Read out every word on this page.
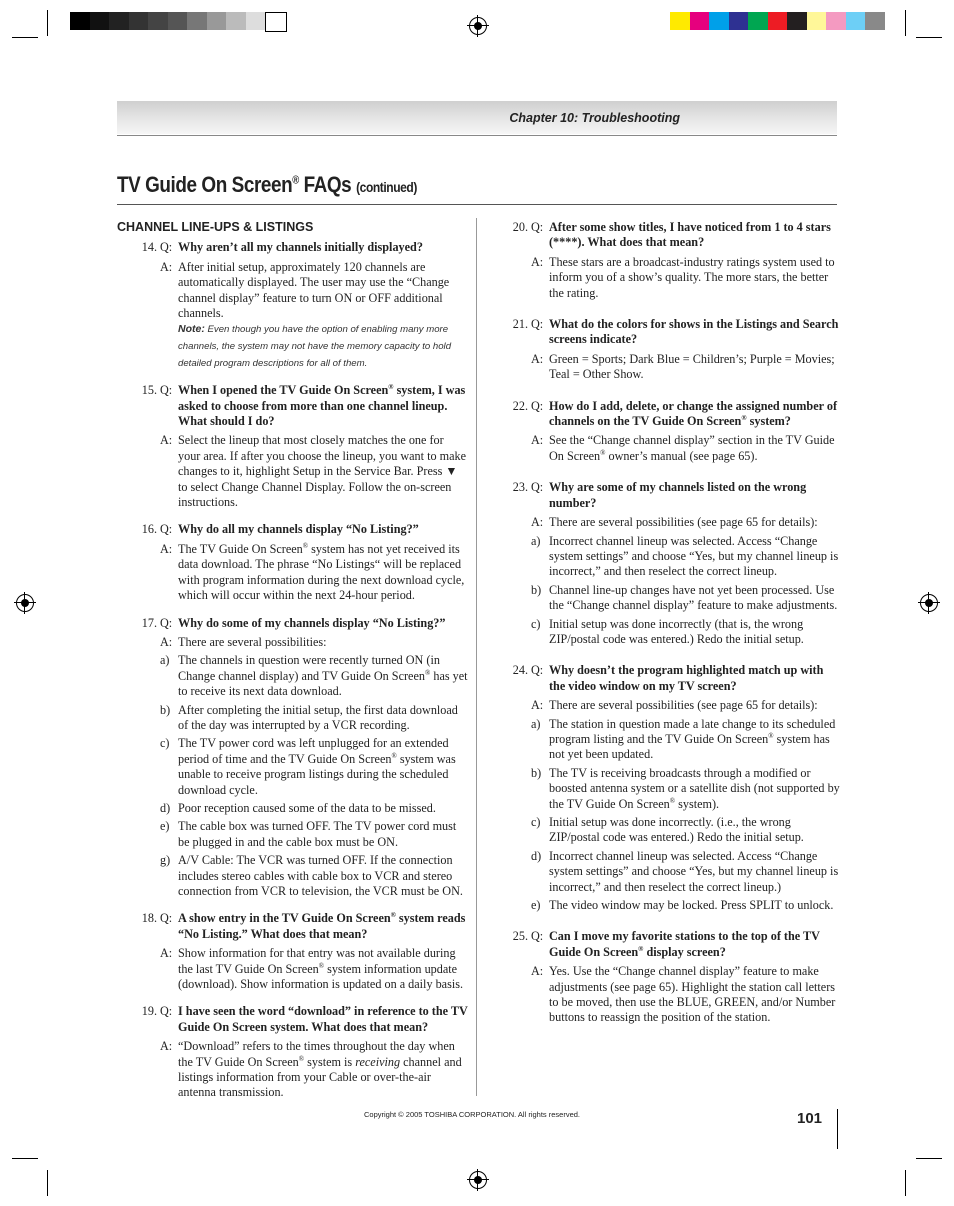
Chapter 10: Troubleshooting
TV Guide On Screen® FAQs (continued)
CHANNEL LINE-UPS & LISTINGS
14. Q: Why aren’t all my channels initially displayed?
A: After initial setup, approximately 120 channels are automatically displayed. The user may use the “Change channel display” feature to turn ON or OFF additional channels.
Note: Even though you have the option of enabling many more channels, the system may not have the memory capacity to hold detailed program descriptions for all of them.
15. Q: When I opened the TV Guide On Screen® system, I was asked to choose from more than one channel lineup. What should I do?
A: Select the lineup that most closely matches the one for your area. If after you choose the lineup, you want to make changes to it, highlight Setup in the Service Bar. Press ▼ to select Change Channel Display. Follow the on-screen instructions.
16. Q: Why do all my channels display “No Listing?”
A: The TV Guide On Screen® system has not yet received its data download. The phrase “No Listings“ will be replaced with program information during the next download cycle, which will occur within the next 24-hour period.
17. Q: Why do some of my channels display “No Listing?”
A: There are several possibilities:
a) The channels in question were recently turned ON (in Change channel display) and TV Guide On Screen® has yet to receive its next data download.
b) After completing the initial setup, the first data download of the day was interrupted by a VCR recording.
c) The TV power cord was left unplugged for an extended period of time and the TV Guide On Screen® system was unable to receive program listings during the scheduled download cycle.
d) Poor reception caused some of the data to be missed.
e) The cable box was turned OFF. The TV power cord must be plugged in and the cable box must be ON.
g) A/V Cable: The VCR was turned OFF. If the connection includes stereo cables with cable box to VCR and stereo connection from VCR to television, the VCR must be ON.
18. Q: A show entry in the TV Guide On Screen® system reads “No Listing.” What does that mean?
A: Show information for that entry was not available during the last TV Guide On Screen® system information update (download). Show information is updated on a daily basis.
19. Q: I have seen the word “download” in reference to the TV Guide On Screen system. What does that mean?
A: “Download” refers to the times throughout the day when the TV Guide On Screen® system is receiving channel and listings information from your Cable or over-the-air antenna transmission.
20. Q: After some show titles, I have noticed from 1 to 4 stars (****). What does that mean?
A: These stars are a broadcast-industry ratings system used to inform you of a show’s quality. The more stars, the better the rating.
21. Q: What do the colors for shows in the Listings and Search screens indicate?
A: Green = Sports; Dark Blue = Children’s; Purple = Movies; Teal = Other Show.
22. Q: How do I add, delete, or change the assigned number of channels on the TV Guide On Screen® system?
A: See the “Change channel display” section in the TV Guide On Screen® owner’s manual (see page 65).
23. Q: Why are some of my channels listed on the wrong number?
A: There are several possibilities (see page 65 for details):
a) Incorrect channel lineup was selected. Access “Change system settings” and choose “Yes, but my channel lineup is incorrect,” and then reselect the correct lineup.
b) Channel line-up changes have not yet been processed. Use the “Change channel display” feature to make adjustments.
c) Initial setup was done incorrectly (that is, the wrong ZIP/postal code was entered.) Redo the initial setup.
24. Q: Why doesn’t the program highlighted match up with the video window on my TV screen?
A: There are several possibilities (see page 65 for details):
a) The station in question made a late change to its scheduled program listing and the TV Guide On Screen® system has not yet been updated.
b) The TV is receiving broadcasts through a modified or boosted antenna system or a satellite dish (not supported by the TV Guide On Screen® system).
c) Initial setup was done incorrectly. (i.e., the wrong ZIP/postal code was entered.) Redo the initial setup.
d) Incorrect channel lineup was selected. Access “Change system settings” and choose “Yes, but my channel lineup is incorrect,” and then reselect the correct lineup.)
e) The video window may be locked. Press SPLIT to unlock.
25. Q: Can I move my favorite stations to the top of the TV Guide On Screen® display screen?
A: Yes. Use the “Change channel display” feature to make adjustments (see page 65). Highlight the station call letters to be moved, then use the BLUE, GREEN, and/or Number buttons to reassign the position of the station.
Copyright © 2005 TOSHIBA CORPORATION. All rights reserved.	101
